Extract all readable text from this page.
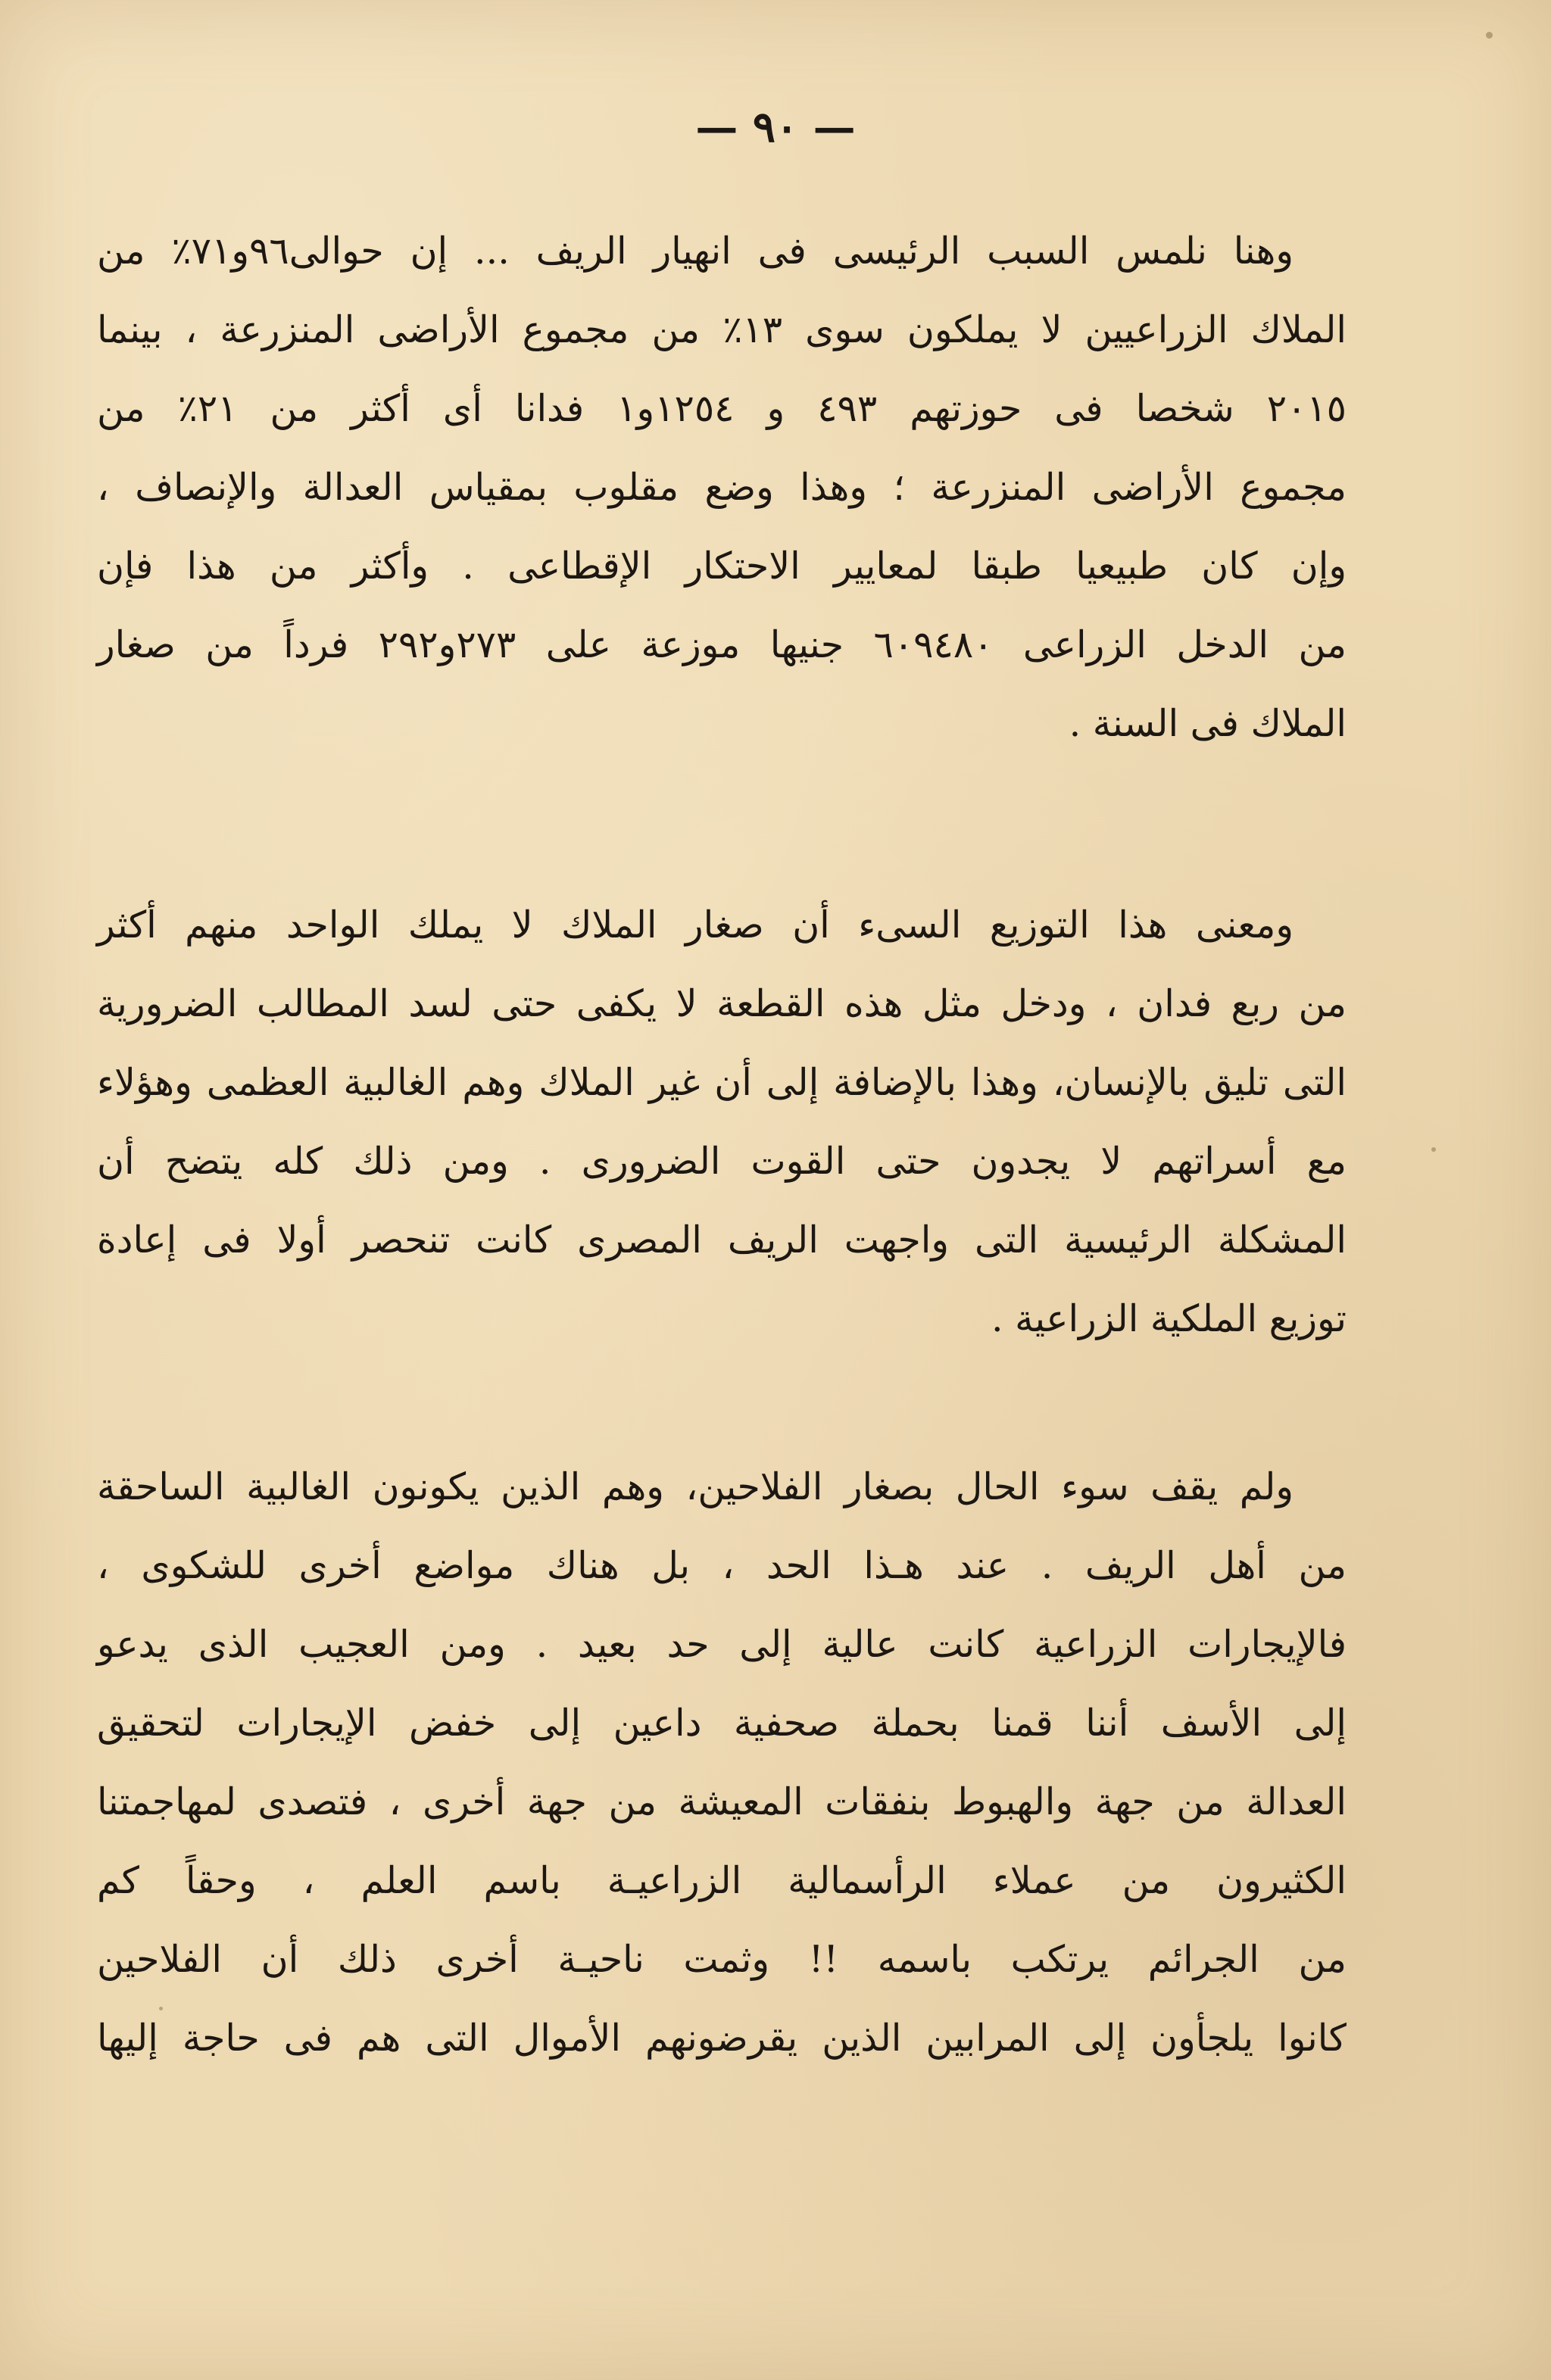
— ٩٠ —
وهنا نلمس السبب الرئيسى فى انهيار الريف ... إن حوالى٩٦و٧١٪ من
الملاك الزراعيين لا يملكون سوى ١٣٪ من مجموع الأراضى المنزرعة ، بينما
٢٠١٥ شخصا فى حوزتهم ٤٩٣ و ١٢٥٤و١ فدانا أى أكثر من ٢١٪ من
مجموع الأراضى المنزرعة ؛ وهذا وضع مقلوب بمقياس العدالة والإنصاف ،
وإن كان طبيعيا طبقا لمعايير الاحتكار الإقطاعى . وأكثر من هذا فإن
من الدخل الزراعى ٦٠٩٤٨٠ جنيها موزعة على ٢٧٣و٢٩٢ فرداً من صغار
الملاك فى السنة .
ومعنى هذا التوزيع السىء أن صغار الملاك لا يملك الواحد منهم أكثر
من ربع فدان ، ودخل مثل هذه القطعة لا يكفى حتى لسد المطالب الضرورية
التى تليق بالإنسان، وهذا بالإضافة إلى أن غير الملاك وهم الغالبية العظمى وهؤلاء
مع أسراتهم لا يجدون حتى القوت الضرورى . ومن ذلك كله يتضح أن
المشكلة الرئيسية التى واجهت الريف المصرى كانت تنحصر أولا فى إعادة
توزيع الملكية الزراعية .
ولم يقف سوء الحال بصغار الفلاحين، وهم الذين يكونون الغالبية الساحقة
من أهل الريف . عند هـذا الحد ، بل هناك مواضع أخرى للشكوى ،
فالإيجارات الزراعية كانت عالية إلى حد بعيد . ومن العجيب الذى يدعو
إلى الأسف أننا قمنا بحملة صحفية داعين إلى خفض الإيجارات لتحقيق
العدالة من جهة والهبوط بنفقات المعيشة من جهة أخرى ، فتصدى لمهاجمتنا
الكثيرون من عملاء الرأسمالية الزراعيـة باسم العلم ، وحقاً كم
من الجرائم يرتكب باسمه !! وثمت ناحيـة أخرى ذلك أن الفلاحين
كانوا يلجأون إلى المرابين الذين يقرضونهم الأموال التى هم فى حاجة إليها
